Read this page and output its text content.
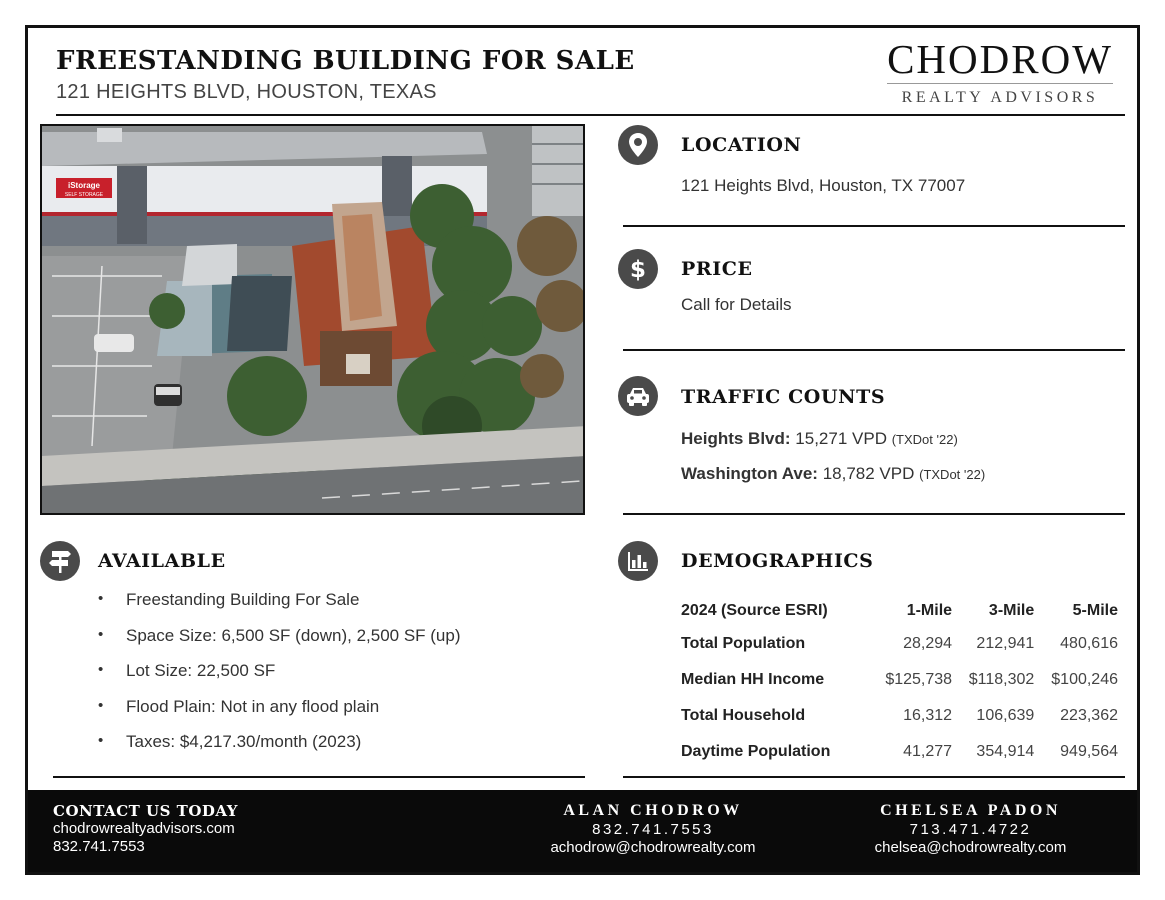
FREESTANDING BUILDING FOR SALE
121 HEIGHTS BLVD, HOUSTON, TEXAS
CHODROW
REALTY ADVISORS
iStorage
SELF STORAGE
LOCATION
121 Heights Blvd, Houston, TX 77007
$ PRICE
Call for Details
TRAFFIC COUNTS
Heights Blvd: 15,271 VPD (TXDot '22)
Washington Ave: 18,782 VPD (TXDot '22)
AVAILABLE
• Freestanding Building For Sale
• Space Size: 6,500 SF (down), 2,500 SF (up)
• Lot Size: 22,500 SF
• Flood Plain: Not in any flood plain
• Taxes: $4,217.30/month (2023)
DEMOGRAPHICS
2024 (Source ESRI)	1-Mile	3-Mile	5-Mile
Total Population	28,294	212,941	480,616
Median HH Income	$125,738	$118,302	$100,246
Total Household	16,312	106,639	223,362
Daytime Population	41,277	354,914	949,564
CONTACT US TODAY
chodrowrealtyadvisors.com
832.741.7553
ALAN CHODROW
832.741.7553
achodrow@chodrowrealty.com
CHELSEA PADON
713.471.4722
chelsea@chodrowrealty.com
